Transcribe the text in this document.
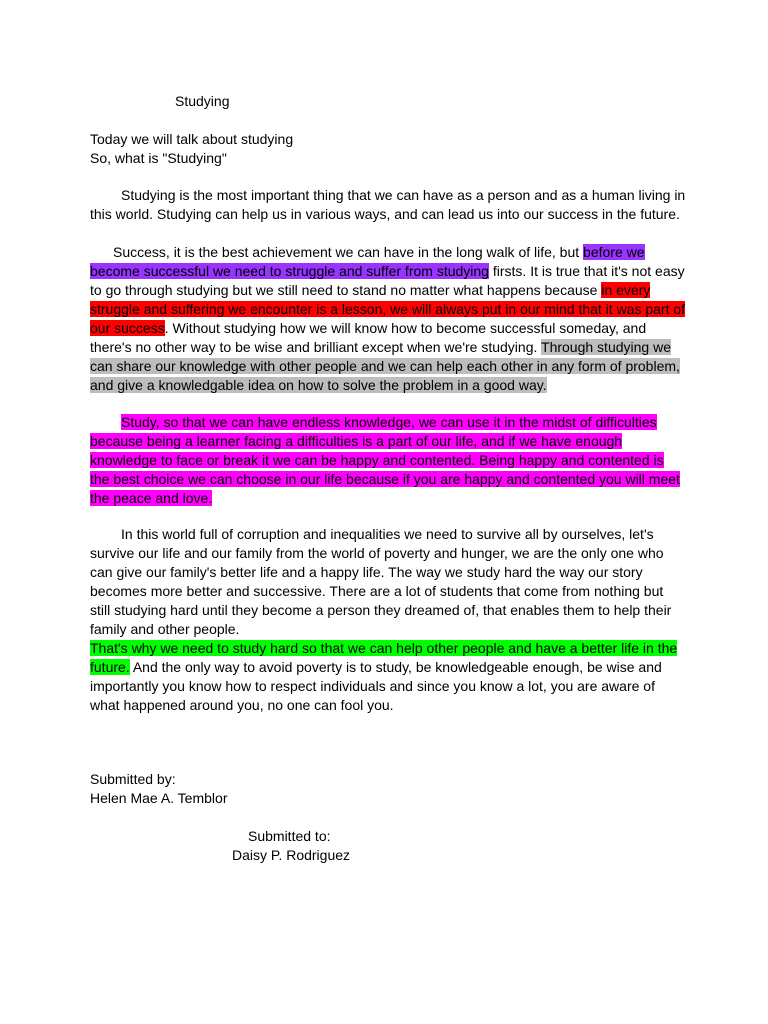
Studying
Today we will talk about studying
So, what is "Studying"
Studying is the most important thing that we can have as a person and as a human living in
this world. Studying can help us in various ways, and can lead us into our success in the future.
Success, it is the best achievement we can have in the long walk of life, but before we
become successful we need to struggle and suffer from studying firsts. It is true that it's not easy
to go through studying but we still need to stand no matter what happens because in every
struggle and suffering we encounter is a lesson, we will always put in our mind that it was part of
our success. Without studying how we will know how to become successful someday, and
there's no other way to be wise and brilliant except when we're studying. Through studying we
can share our knowledge with other people and we can help each other in any form of problem,
and give a knowledgable idea on how to solve the problem in a good way.
Study, so that we can have endless knowledge, we can use it in the midst of difficulties
because being a learner facing a difficulties is a part of our life, and if we have enough
knowledge to face or break it we can be happy and contented. Being happy and contented is
the best choice we can choose in our life because if you are happy and contented you will meet
the peace and love.
In this world full of corruption and inequalities we need to survive all by ourselves, let's
survive our life and our family from the world of poverty and hunger, we are the only one who
can give our family's better life and a happy life. The way we study hard the way our story
becomes more better and successive. There are a lot of students that come from nothing but
still studying hard until they become a person they dreamed of, that enables them to help their
family and other people.
That's why we need to study hard so that we can help other people and have a better life in the
future. And the only way to avoid poverty is to study, be knowledgeable enough, be wise and
importantly you know how to respect individuals and since you know a lot, you are aware of
what happened around you, no one can fool you.
Submitted by:
Helen Mae A. Temblor
Submitted to:
Daisy P. Rodriguez
